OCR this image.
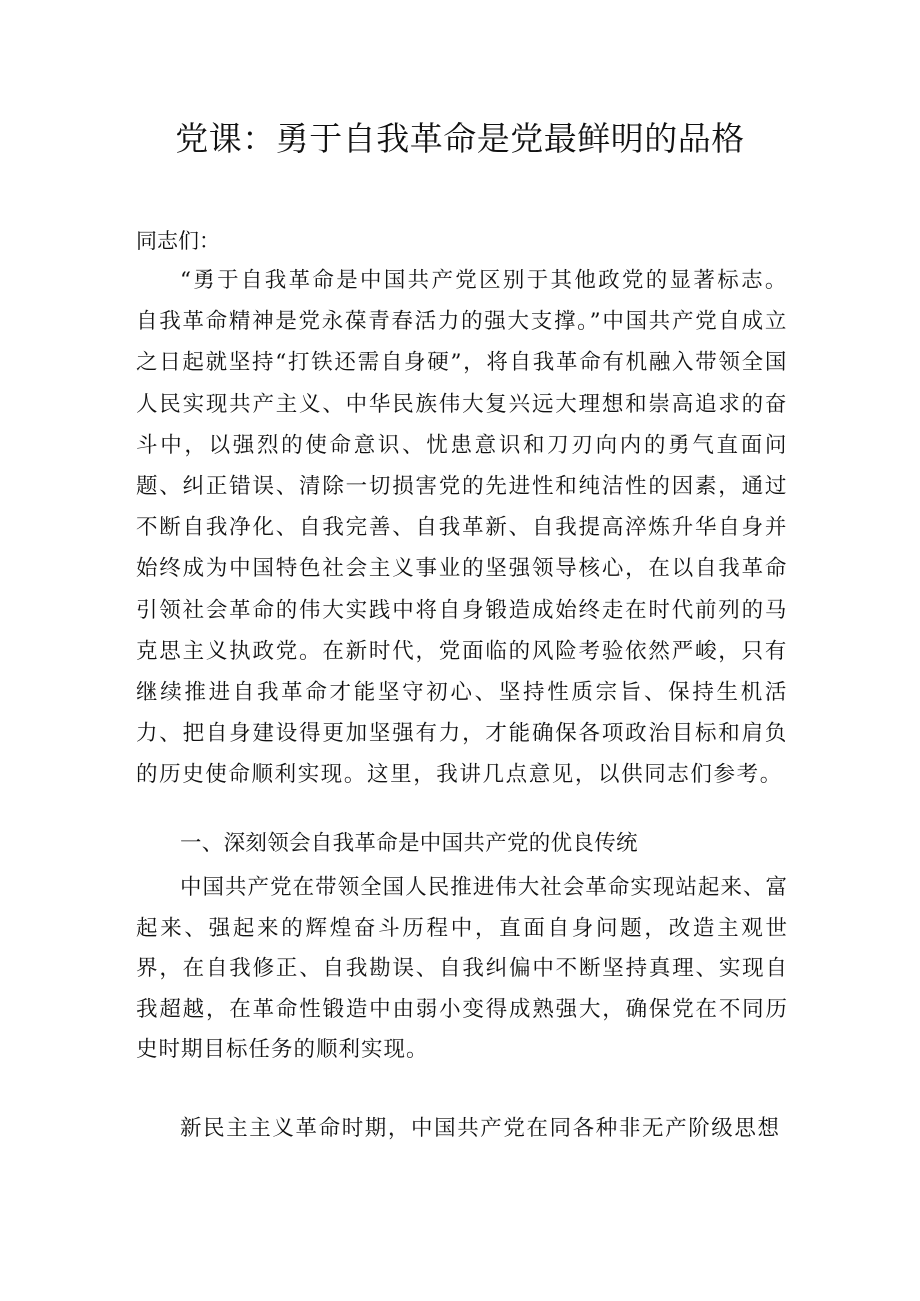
党课：勇于自我革命是党最鲜明的品格

同志们：

“勇于自我革命是中国共产党区别于其他政党的显著标志。自我革命精神是党永葆青春活力的强大支撑。”中国共产党自成立之日起就坚持“打铁还需自身硬”，将自我革命有机融入带领全国人民实现共产主义、中华民族伟大复兴远大理想和崇高追求的奋斗中，以强烈的使命意识、忧患意识和刀刃向内的勇气直面问题、纠正错误、清除一切损害党的先进性和纯洁性的因素，通过不断自我净化、自我完善、自我革新、自我提高淬炼升华自身并始终成为中国特色社会主义事业的坚强领导核心，在以自我革命引领社会革命的伟大实践中将自身锻造成始终走在时代前列的马克思主义执政党。在新时代，党面临的风险考验依然严峻，只有继续推进自我革命才能坚守初心、坚持性质宗旨、保持生机活力、把自身建设得更加坚强有力，才能确保各项政治目标和肩负的历史使命顺利实现。这里，我讲几点意见，以供同志们参考。

一、深刻领会自我革命是中国共产党的优良传统

中国共产党在带领全国人民推进伟大社会革命实现站起来、富起来、强起来的辉煌奋斗历程中，直面自身问题，改造主观世界，在自我修正、自我勘误、自我纠偏中不断坚持真理、实现自我超越，在革命性锻造中由弱小变得成熟强大，确保党在不同历史时期目标任务的顺利实现。

新民主主义革命时期，中国共产党在同各种非无产阶级思想
